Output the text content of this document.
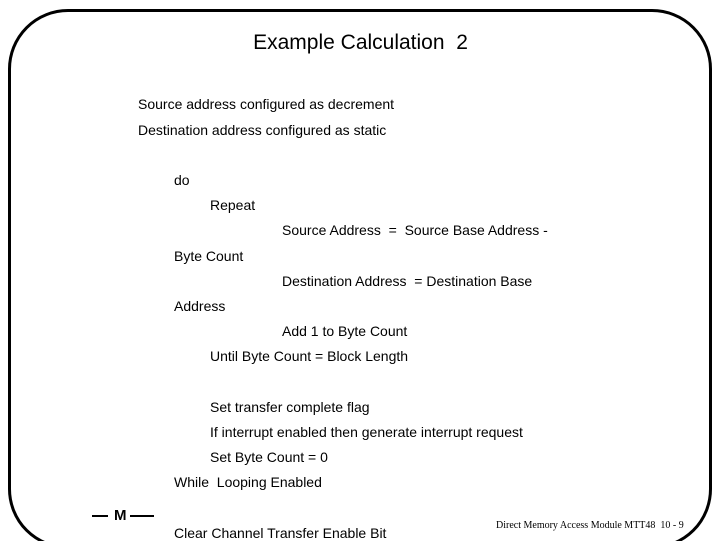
Example Calculation  2
Source address configured as decrement
Destination address configured as static
do
Repeat
Source Address  =  Source Base Address -
Byte Count
Destination Address  = Destination Base
Address
Add 1 to Byte Count
Until Byte Count = Block Length
Set transfer complete flag
If interrupt enabled then generate interrupt request
Set Byte Count = 0
While  Looping Enabled
Clear Channel Transfer Enable Bit
M
Direct Memory Access Module MTT48  10 - 9
